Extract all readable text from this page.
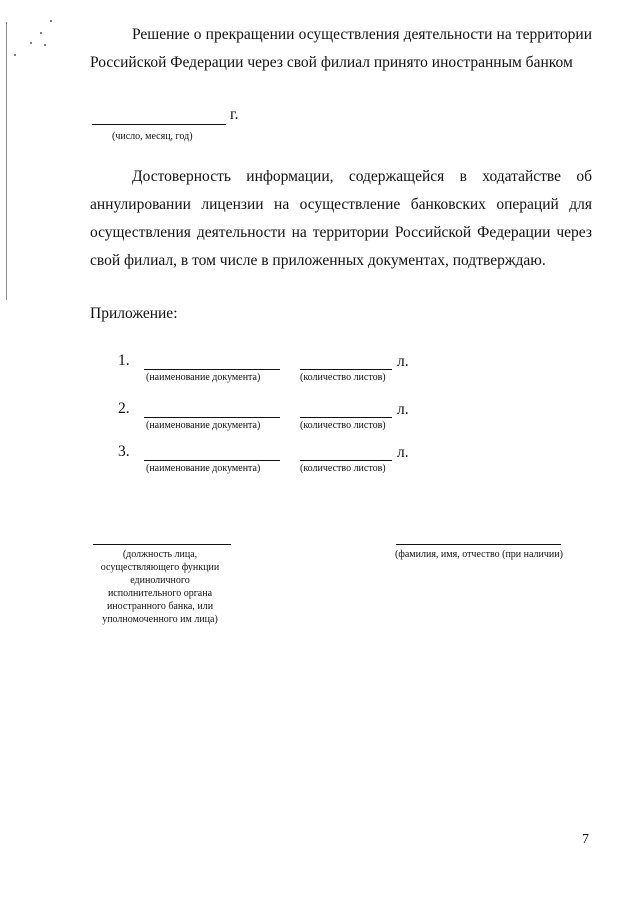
Решение о прекращении осуществления деятельности на территории Российской Федерации через свой филиал принято иностранным банком
г.
(число, месяц, год)
Достоверность информации, содержащейся в ходатайстве об аннулировании лицензии на осуществление банковских операций для осуществления деятельности на территории Российской Федерации через свой филиал, в том числе в приложенных документах, подтверждаю.
Приложение:
1.	л.
(наименование документа)	(количество листов)
2.	л.
(наименование документа)	(количество листов)
3.	л.
(наименование документа)	(количество листов)
(должность лица, осуществляющего функции единоличного исполнительного органа иностранного банка, или уполномоченного им лица)
(фамилия, имя, отчество (при наличии)
7
